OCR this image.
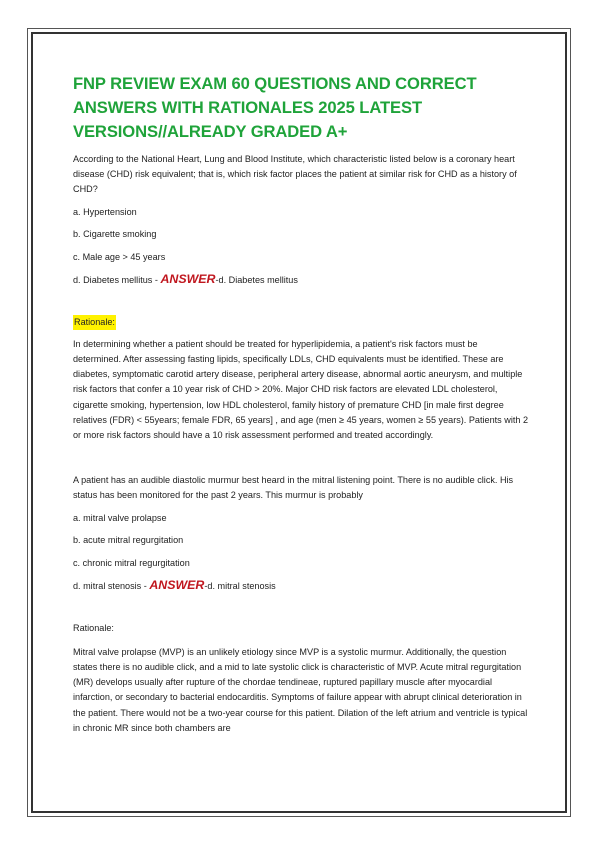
FNP REVIEW EXAM 60 QUESTIONS AND CORRECT ANSWERS WITH RATIONALES 2025 LATEST VERSIONS//ALREADY GRADED A+

According to the National Heart, Lung and Blood Institute, which characteristic listed below is a coronary heart disease (CHD) risk equivalent; that is, which risk factor places the patient at similar risk for CHD as a history of CHD?

a. Hypertension

b. Cigarette smoking

c. Male age > 45 years

d. Diabetes mellitus - ANSWER-d. Diabetes mellitus

Rationale:

In determining whether a patient should be treated for hyperlipidemia, a patient's risk factors must be determined. After assessing fasting lipids, specifically LDLs, CHD equivalents must be identified. These are diabetes, symptomatic carotid artery disease, peripheral artery disease, abnormal aortic aneurysm, and multiple risk factors that confer a 10 year risk of CHD > 20%. Major CHD risk factors are elevated LDL cholesterol, cigarette smoking, hypertension, low HDL cholesterol, family history of premature CHD [in male first degree relatives (FDR) < 55years; female FDR, 65 years] , and age (men ≥ 45 years, women ≥ 55 years). Patients with 2 or more risk factors should have a 10 risk assessment performed and treated accordingly.

A patient has an audible diastolic murmur best heard in the mitral listening point. There is no audible click. His status has been monitored for the past 2 years. This murmur is probably

a. mitral valve prolapse

b. acute mitral regurgitation

c. chronic mitral regurgitation

d. mitral stenosis - ANSWER-d. mitral stenosis

Rationale:

Mitral valve prolapse (MVP) is an unlikely etiology since MVP is a systolic murmur. Additionally, the question states there is no audible click, and a mid to late systolic click is characteristic of MVP. Acute mitral regurgitation (MR) develops usually after rupture of the chordae tendineae, ruptured papillary muscle after myocardial infarction, or secondary to bacterial endocarditis. Symptoms of failure appear with abrupt clinical deterioration in the patient. There would not be a two-year course for this patient. Dilation of the left atrium and ventricle is typical in chronic MR since both chambers are
